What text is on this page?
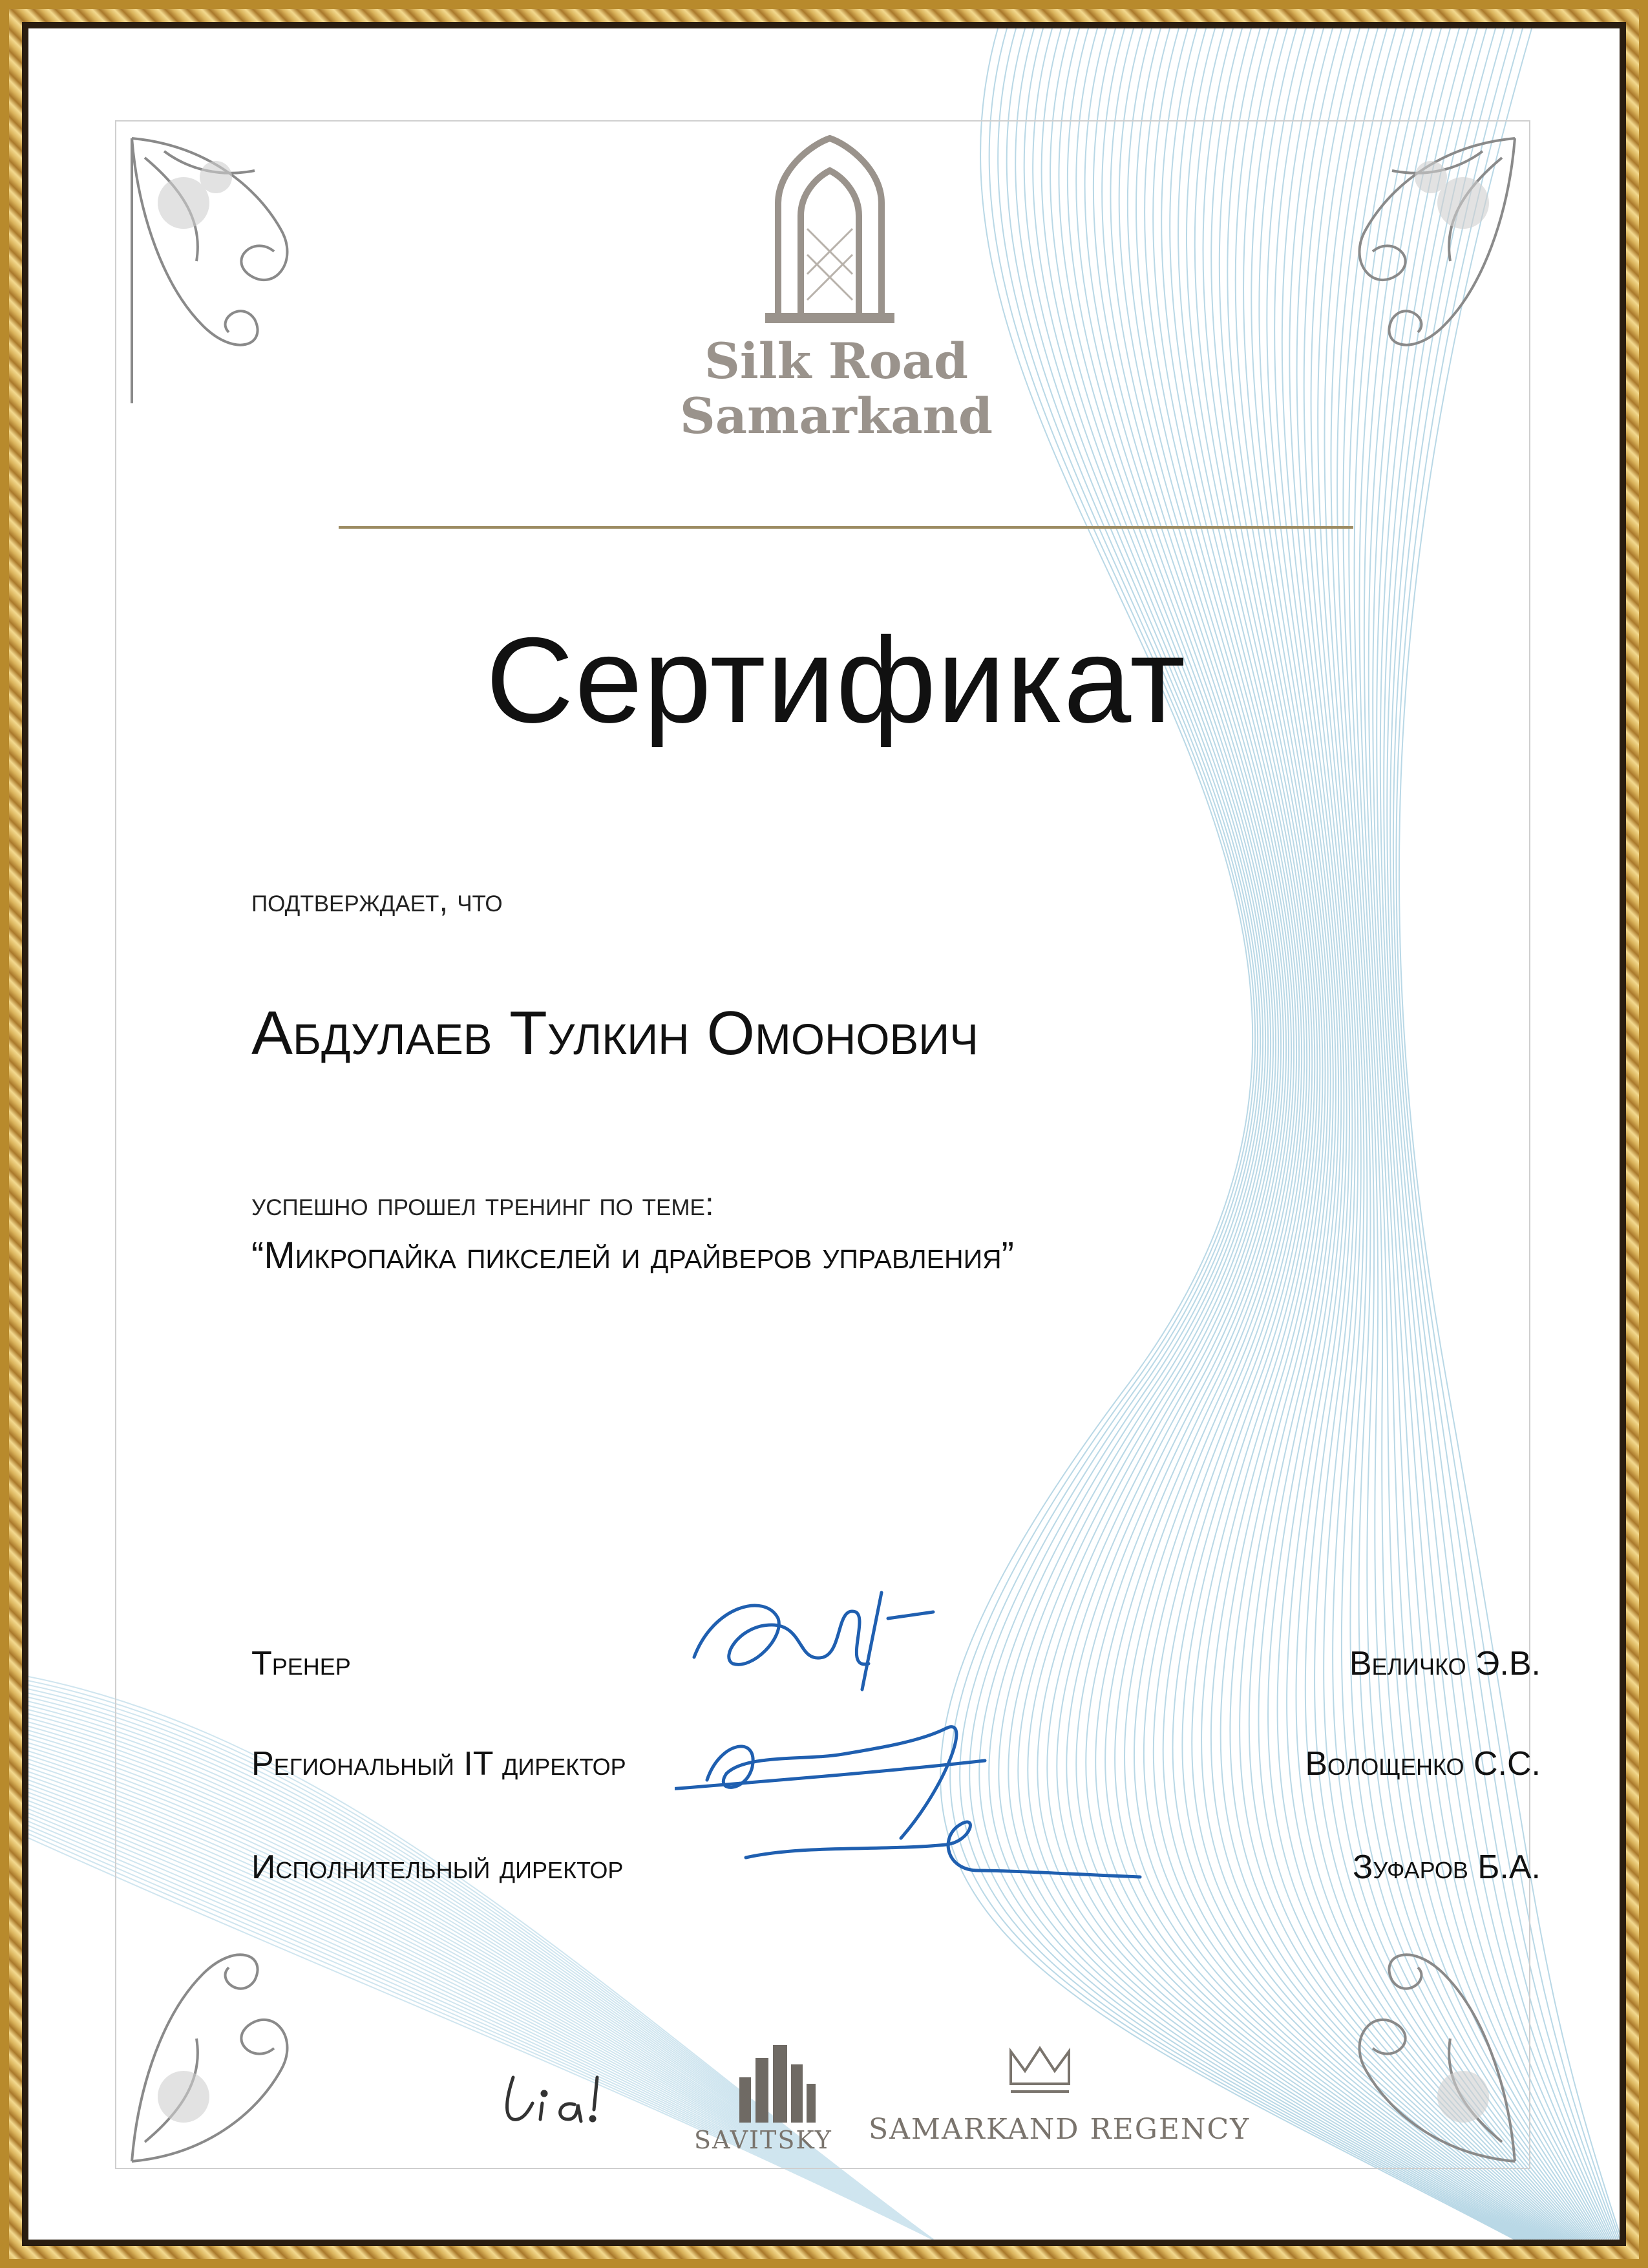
Silk Road
Samarkand
Сертификат
подтверждает, что
Абдулаев Тулкин Омонович
успешно прошел тренинг по теме:
“Микропайка пикселей и драйверов управления”
Тренер	Величко Э.В.
Региональный IT директор	Волощенко С.С.
Исполнительный директор	Зуфаров Б.А.
SAVITSKY SAMARKAND REGENCY
